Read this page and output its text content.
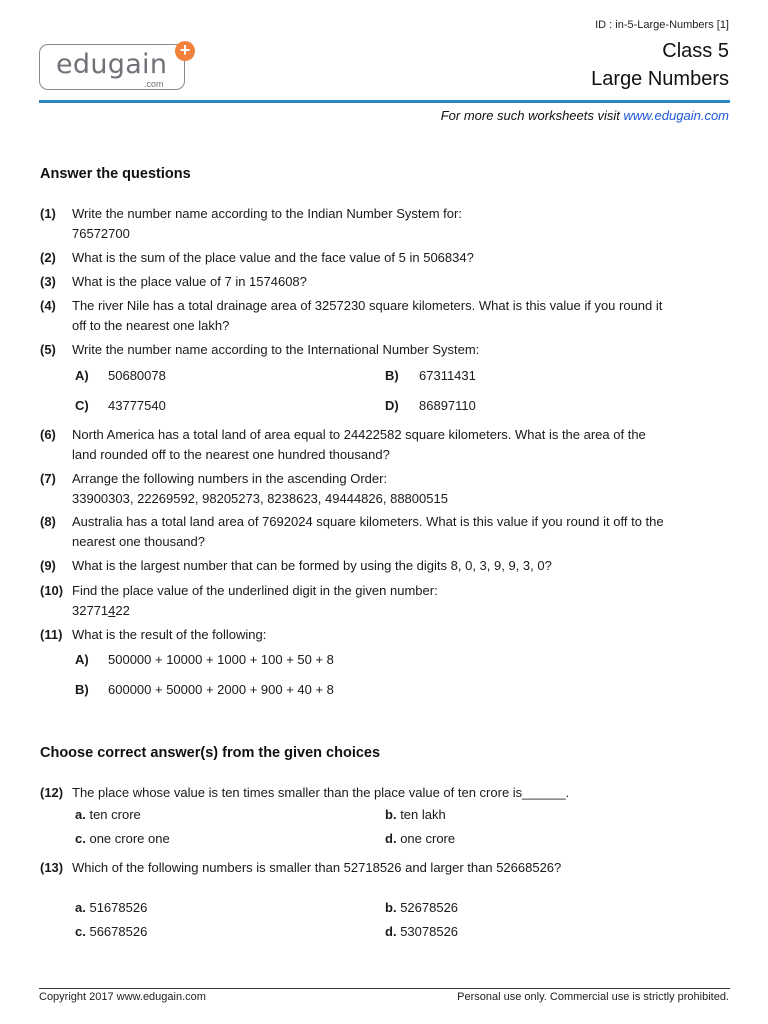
edugain
.com
+
ID : in-5-Large-Numbers [1]
Class 5
Large Numbers
For more such worksheets visit www.edugain.com
Answer the questions
(1) Write the number name according to the Indian Number System for:
76572700
(2) What is the sum of the place value and the face value of 5 in 506834?
(3) What is the place value of 7 in 1574608?
(4) The river Nile has a total drainage area of 3257230 square kilometers. What is this value if you round it
off to the nearest one lakh?
(5) Write the number name according to the International Number System:
A) 50680078	B) 67311431
C) 43777540	D) 86897110
(6) North America has a total land of area equal to 24422582 square kilometers. What is the area of the
land rounded off to the nearest one hundred thousand?
(7) Arrange the following numbers in the ascending Order:
33900303, 22269592, 98205273, 8238623, 49444826, 88800515
(8) Australia has a total land area of 7692024 square kilometers. What is this value if you round it off to the
nearest one thousand?
(9) What is the largest number that can be formed by using the digits 8, 0, 3, 9, 9, 3, 0?
(10) Find the place value of the underlined digit in the given number:
32771422
(11) What is the result of the following:
A) 500000 + 10000 + 1000 + 100 + 50 + 8
B) 600000 + 50000 + 2000 + 900 + 40 + 8
Choose correct answer(s) from the given choices
(12) The place whose value is ten times smaller than the place value of ten crore is______.
a. ten crore	b. ten lakh
c. one crore one	d. one crore
(13) Which of the following numbers is smaller than 52718526 and larger than 52668526?
a. 51678526	b. 52678526
c. 56678526	d. 53078526
Copyright 2017 www.edugain.com	Personal use only. Commercial use is strictly prohibited.
